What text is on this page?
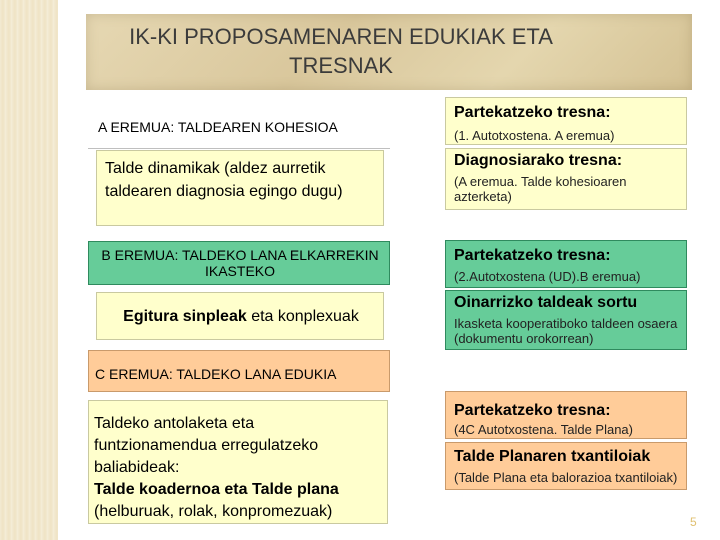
IK-KI PROPOSAMENAREN EDUKIAK ETA TRESNAK
A EREMUA: TALDEAREN KOHESIOA
Talde dinamikak (aldez aurretik taldearen diagnosia egingo dugu)
B EREMUA: TALDEKO LANA ELKARREKIN IKASTEKO
Egitura sinpleak eta konplexuak
C EREMUA: TALDEKO LANA EDUKIA
Taldeko antolaketa eta funtzionamendua erregulatzeko baliabideak:
Talde koadernoa eta Talde plana
(helburuak, rolak, konpromezuak)
Partekatzeko tresna:
(1. Autotxostena. A eremua)
Diagnosiarako tresna:
(A eremua. Talde kohesioaren azterketa)
Partekatzeko tresna:
(2.Autotxostena (UD).B eremua)
Oinarrizko taldeak sortu
Ikasketa kooperatiboko taldeen osaera (dokumentu orokorrean)
Partekatzeko tresna:
(4C Autotxostena. Talde Plana)
Talde Planaren txantiloiak
(Talde Plana eta balorazioa txantiloiak)
5
